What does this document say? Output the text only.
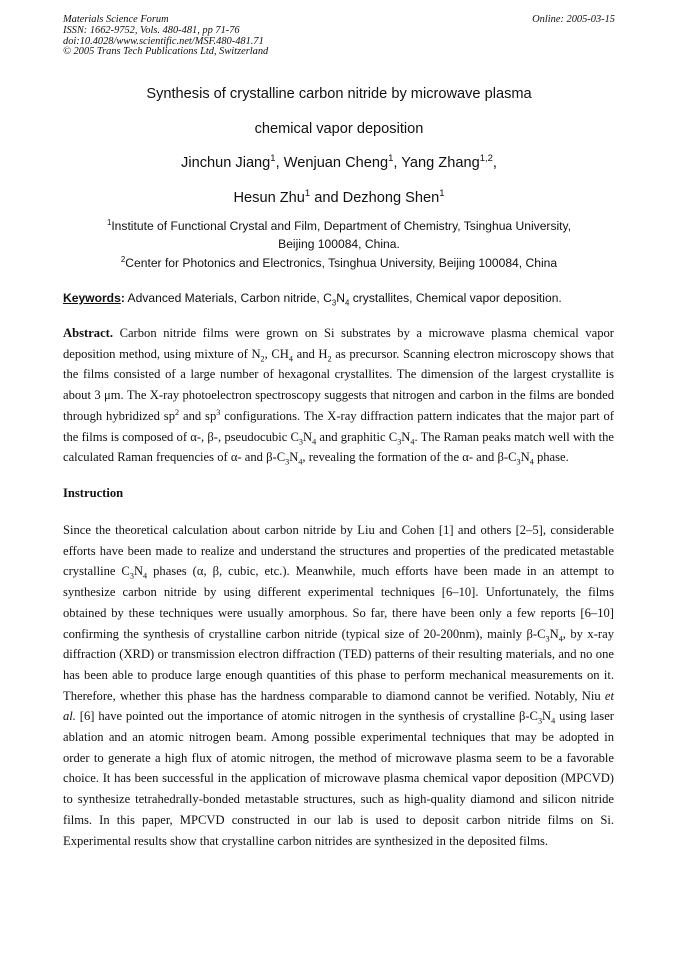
Materials Science Forum
ISSN: 1662-9752, Vols. 480-481, pp 71-76
doi:10.4028/www.scientific.net/MSF.480-481.71
© 2005 Trans Tech Publications Ltd, Switzerland
Online: 2005-03-15
Synthesis of crystalline carbon nitride by microwave plasma
chemical vapor deposition
Jinchun Jiang$^1$, Wenjuan Cheng$^1$, Yang Zhang$^{1,2}$,
Hesun Zhu$^1$ and Dezhong Shen$^1$
$^1$Institute of Functional Crystal and Film, Department of Chemistry, Tsinghua University,
Beijing 100084, China.
$^2$Center for Photonics and Electronics, Tsinghua University, Beijing 100084, China
Keywords: Advanced Materials, Carbon nitride, $C_3N_4$ crystallites, Chemical vapor deposition.
Abstract. Carbon nitride films were grown on Si substrates by a microwave plasma chemical vapor deposition method, using mixture of $N_2$, $CH_4$ and $H_2$ as precursor. Scanning electron microscopy shows that the films consisted of a large number of hexagonal crystallites. The dimension of the largest crystallite is about 3 μm. The X-ray photoelectron spectroscopy suggests that nitrogen and carbon in the films are bonded through hybridized $sp^2$ and $sp^3$ configurations. The X-ray diffraction pattern indicates that the major part of the films is composed of α-, β-, pseudocubic $C_3N_4$ and graphitic $C_3N_4$. The Raman peaks match well with the calculated Raman frequencies of α- and $\beta-C_3N_4$, revealing the formation of the α- and $\beta-C_3N_4$ phase.
Instruction
Since the theoretical calculation about carbon nitride by Liu and Cohen [1] and others [2–5], considerable efforts have been made to realize and understand the structures and properties of the predicated metastable crystalline $C_3N_4$ phases (α, β, cubic, etc.). Meanwhile, much efforts have been made in an attempt to synthesize carbon nitride by using different experimental techniques [6–10]. Unfortunately, the films obtained by these techniques were usually amorphous. So far, there have been only a few reports [6–10] confirming the synthesis of crystalline carbon nitride (typical size of 20-200nm), mainly $\beta-C_3N_4$, by x-ray diffraction (XRD) or transmission electron diffraction (TED) patterns of their resulting materials, and no one has been able to produce large enough quantities of this phase to perform mechanical measurements on it. Therefore, whether this phase has the hardness comparable to diamond cannot be verified. Notably, Niu et al. [6] have pointed out the importance of atomic nitrogen in the synthesis of crystalline $\beta-C_3N_4$ using laser ablation and an atomic nitrogen beam. Among possible experimental techniques that may be adopted in order to generate a high flux of atomic nitrogen, the method of microwave plasma seem to be a favorable choice. It has been successful in the application of microwave plasma chemical vapor deposition (MPCVD) to synthesize tetrahedrally-bonded metastable structures, such as high-quality diamond and silicon nitride films. In this paper, MPCVD constructed in our lab is used to deposit carbon nitride films on Si. Experimental results show that crystalline carbon nitrides are synthesized in the deposited films.
